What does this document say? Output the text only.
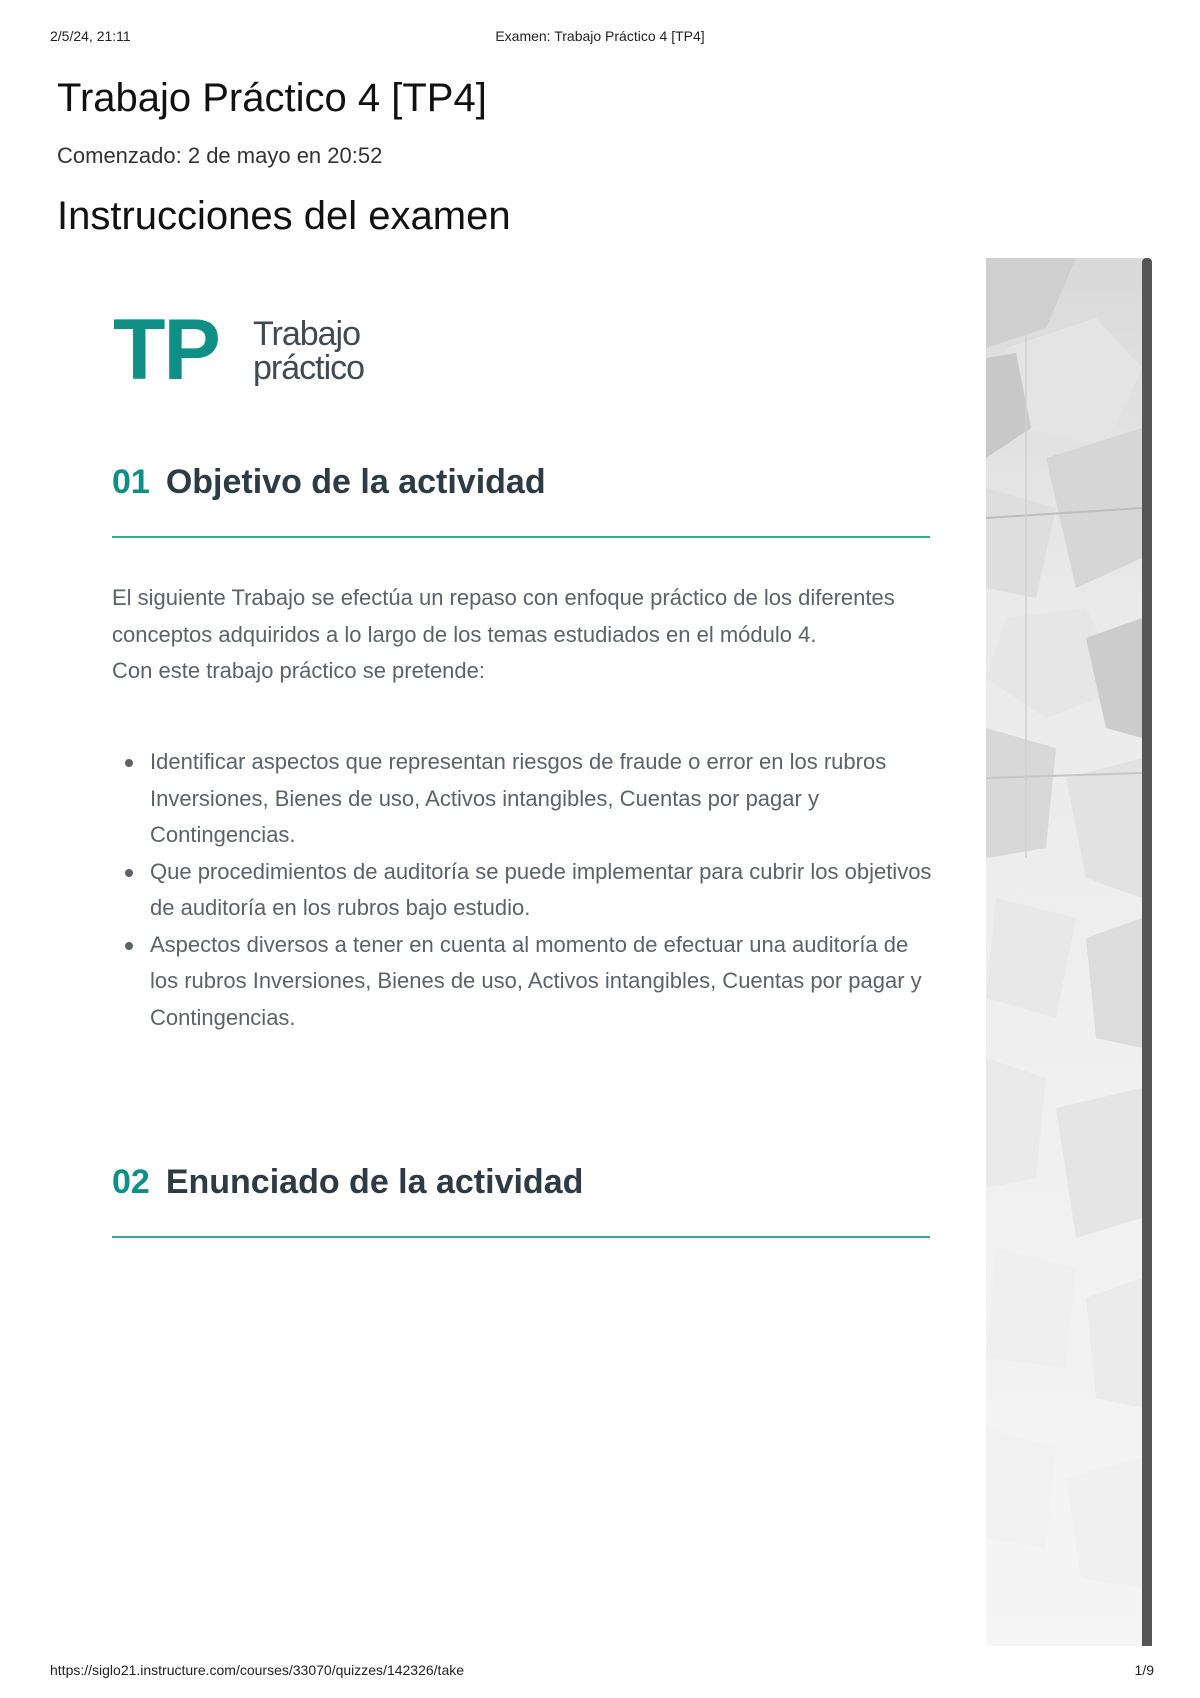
2/5/24, 21:11	Examen: Trabajo Práctico 4 [TP4]
Trabajo Práctico 4 [TP4]
Comenzado: 2 de mayo en 20:52
Instrucciones del examen
TP Trabajo
práctico
01 Objetivo de la actividad

El siguiente Trabajo se efectúa un repaso con enfoque práctico de los diferentes conceptos adquiridos a lo largo de los temas estudiados en el módulo 4.

Con este trabajo práctico se pretende:

Identificar aspectos que representan riesgos de fraude o error en los rubros Inversiones, Bienes de uso, Activos intangibles, Cuentas por pagar y Contingencias.
Que procedimientos de auditoría se puede implementar para cubrir los objetivos de auditoría en los rubros bajo estudio.
Aspectos diversos a tener en cuenta al momento de efectuar una auditoría de los rubros Inversiones, Bienes de uso, Activos intangibles, Cuentas por pagar y Contingencias.
02 Enunciado de la actividad
https://siglo21.instructure.com/courses/33070/quizzes/142326/take	1/9
